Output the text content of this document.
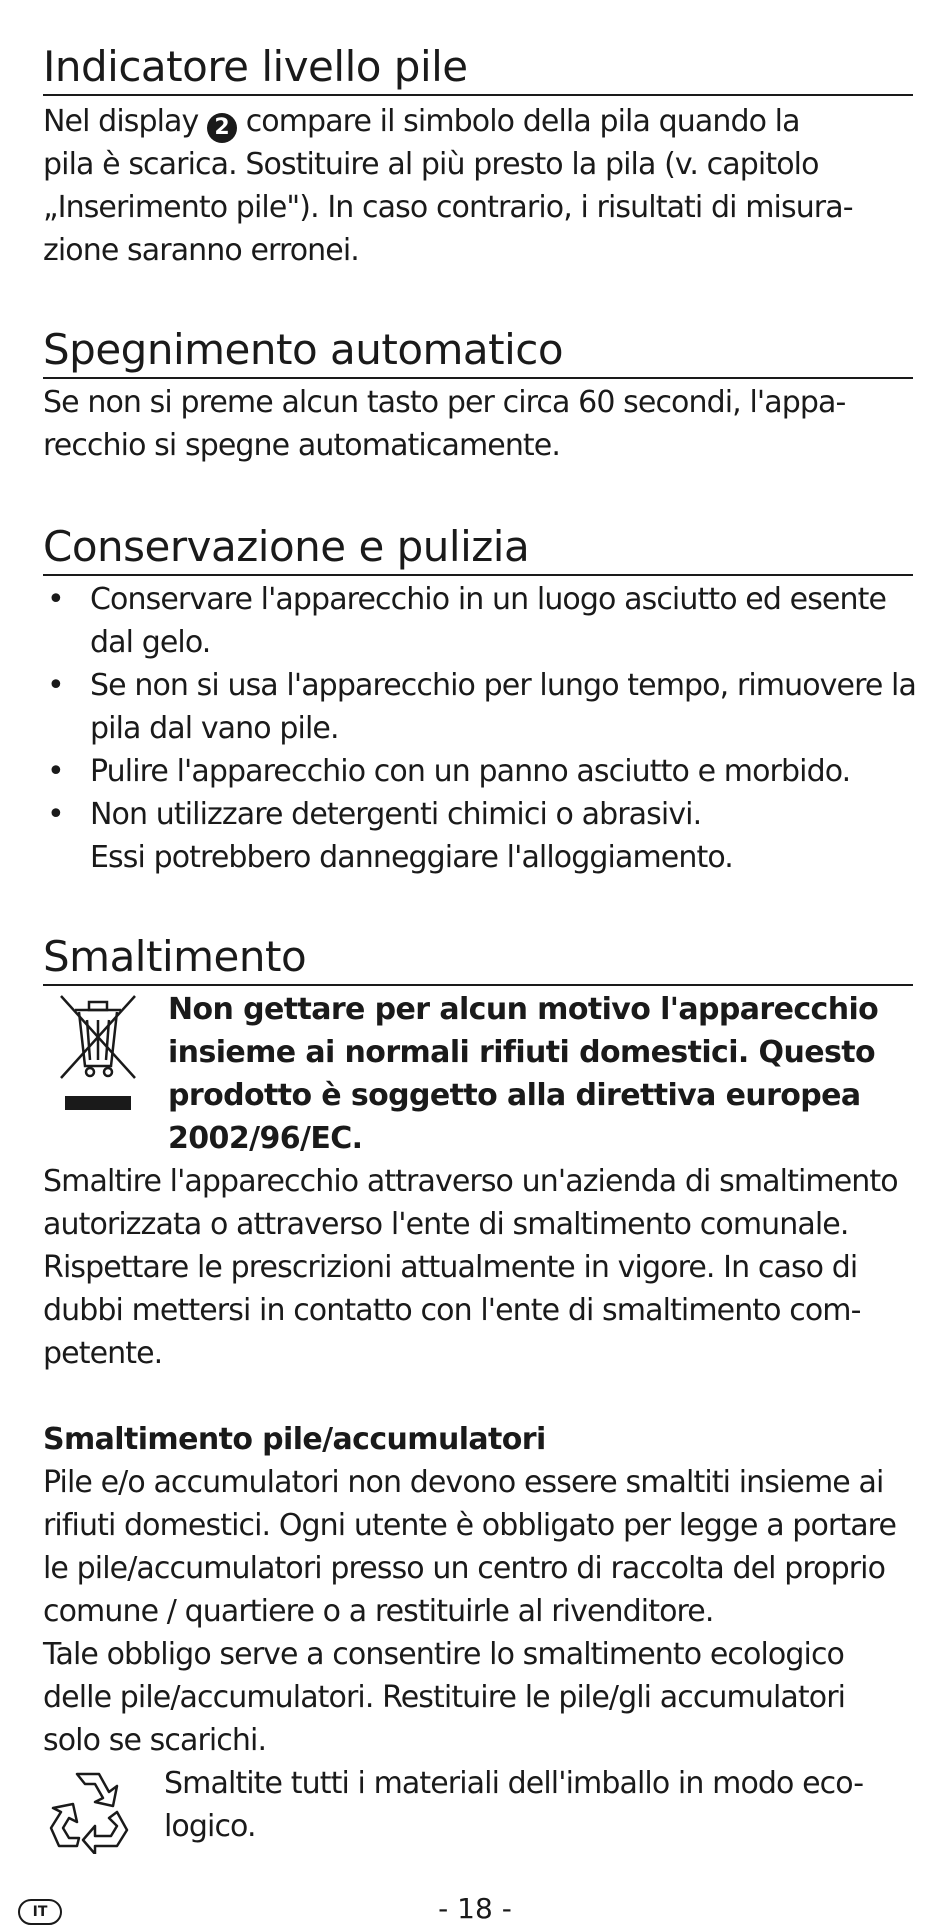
Indicatore livello pile

Nel display 2 compare il simbolo della pila quando la

pila è scarica. Sostituire al più presto la pila (v. capitolo

„Inserimento pile"). In caso contrario, i risultati di misura-

zione saranno erronei.

Spegnimento automatico

Se non si preme alcun tasto per circa 60 secondi, l'appa-

recchio si spegne automaticamente.

Conservazione e pulizia
• Conservare l'apparecchio in un luogo asciutto ed esente

dal gelo.

• Se non si usa l'apparecchio per lungo tempo, rimuovere la

pila dal vano pile.

• Pulire l'apparecchio con un panno asciutto e morbido.
• Non utilizzare detergenti chimici o abrasivi.

Essi potrebbero danneggiare l'alloggiamento.

Smaltimento
Non gettare per alcun motivo l'apparecchio
insieme ai normali rifiuti domestici. Questo
prodotto è soggetto alla direttiva europea
2002/96/EC.

Smaltire l'apparecchio attraverso un'azienda di smaltimento

autorizzata o attraverso l'ente di smaltimento comunale.

Rispettare le prescrizioni attualmente in vigore. In caso di

dubbi mettersi in contatto con l'ente di smaltimento com-

petente.

Smaltimento pile/accumulatori

Pile e/o accumulatori non devono essere smaltiti insieme ai

rifiuti domestici. Ogni utente è obbligato per legge a portare

le pile/accumulatori presso un centro di raccolta del proprio

comune / quartiere o a restituirle al rivenditore.

Tale obbligo serve a consentire lo smaltimento ecologico

delle pile/accumulatori. Restituire le pile/gli accumulatori

solo se scarichi.

Smaltite tutti i materiali dell'imballo in modo eco-

logico.

IT	- 18 -
